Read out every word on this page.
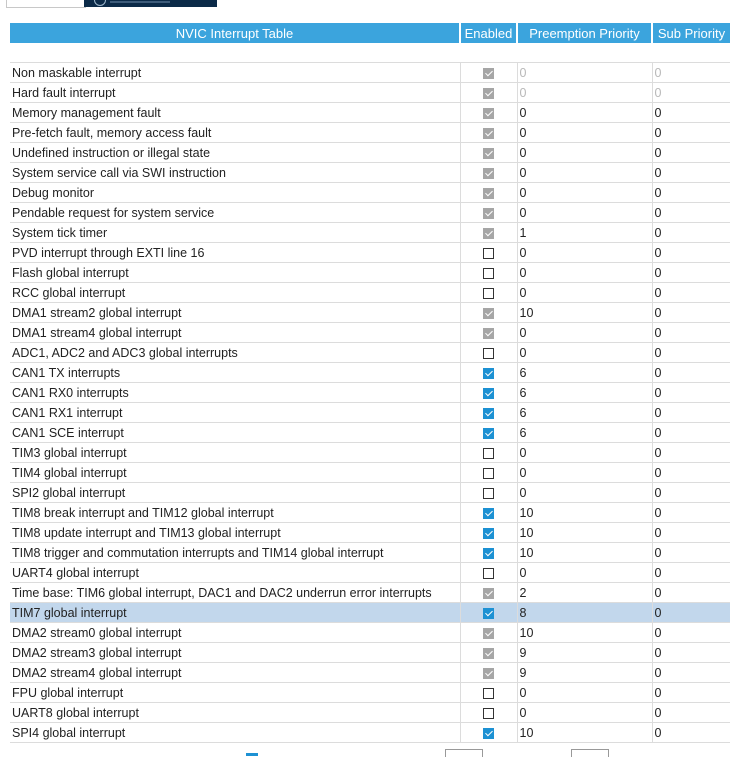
NVIC Interrupt Table	Enabled	Preemption Priority	Sub Priority

Non maskable interrupt		0	0
Hard fault interrupt		0	0
Memory management fault		0	0
Pre-fetch fault, memory access fault		0	0
Undefined instruction or illegal state		0	0
System service call via SWI instruction		0	0
Debug monitor		0	0
Pendable request for system service		0	0
System tick timer		1	0
PVD interrupt through EXTI line 16		0	0
Flash global interrupt		0	0
RCC global interrupt		0	0
DMA1 stream2 global interrupt		10	0
DMA1 stream4 global interrupt		0	0
ADC1, ADC2 and ADC3 global interrupts		0	0
CAN1 TX interrupts		6	0
CAN1 RX0 interrupts		6	0
CAN1 RX1 interrupt		6	0
CAN1 SCE interrupt		6	0
TIM3 global interrupt		0	0
TIM4 global interrupt		0	0
SPI2 global interrupt		0	0
TIM8 break interrupt and TIM12 global interrupt		10	0
TIM8 update interrupt and TIM13 global interrupt		10	0
TIM8 trigger and commutation interrupts and TIM14 global interrupt		10	0
UART4 global interrupt		0	0
Time base: TIM6 global interrupt, DAC1 and DAC2 underrun error interrupts		2	0
TIM7 global interrupt		8	0
DMA2 stream0 global interrupt		10	0
DMA2 stream3 global interrupt		9	0
DMA2 stream4 global interrupt		9	0
FPU global interrupt		0	0
UART8 global interrupt		0	0
SPI4 global interrupt		10	0
